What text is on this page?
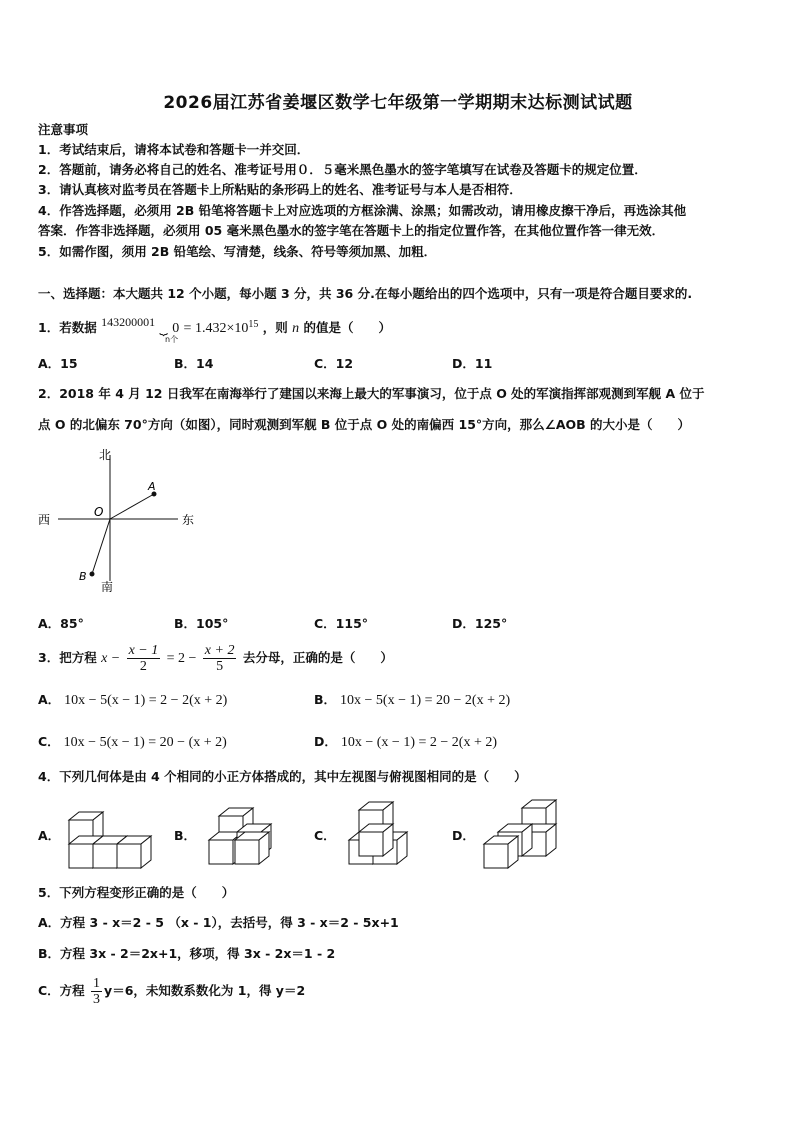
2026届江苏省姜堰区数学七年级第一学期期末达标测试试题
注意事项
1．考试结束后，请将本试卷和答题卡一并交回．
2．答题前，请务必将自己的姓名、准考证号用０．５毫米黑色墨水的签字笔填写在试卷及答题卡的规定位置．
3．请认真核对监考员在答题卡上所粘贴的条形码上的姓名、准考证号与本人是否相符．
4．作答选择题，必须用 2B 铅笔将答题卡上对应选项的方框涂满、涂黑；如需改动，请用橡皮擦干净后，再选涂其他
答案．作答非选择题，必须用 05 毫米黑色墨水的签字笔在答题卡上的指定位置作答，在其他位置作答一律无效．
5．如需作图，须用 2B 铅笔绘、写清楚，线条、符号等须加黑、加粗．
一、选择题：本大题共 12 个小题，每小题 3 分，共 36 分.在每小题给出的四个选项中，只有一项是符合题目要求的.
1．若数据 143200001 ⏟ $0 = 1.432\times 10^{15}$ ，则 n 的值是（　　）
n个
A．15	B．14	C．12	D．11
2．2018 年 4 月 12 日我军在南海举行了建国以来海上最大的军事演习，位于点 O 处的军演指挥部观测到军舰 A 位于
点 O 的北偏东 70°方向（如图），同时观测到军舰 B 位于点 O 处的南偏西 15°方向，那么∠AOB 的大小是（　　）
北
南
西	东
O
A
B
A．85°	B．105°	C．115°	D．125°
3．把方程 $x - \frac{x - 1}{2} = 2 - \frac{x + 2}{5}$ 去分母，正确的是（　　）
A． 10x − 5(x − 1) = 2 − 2(x + 2)	B． 10x − 5(x − 1) = 20 − 2(x + 2)
C． 10x − 5(x − 1) = 20 − (x + 2)	D． 10x − (x − 1) = 2 − 2(x + 2)
4．下列几何体是由 4 个相同的小正方体搭成的，其中左视图与俯视图相同的是（　　）
A．	B．	C．	D．
5．下列方程变形正确的是（　　）
A．方程 3 - x＝2 - 5 （x - 1），去括号，得 3 - x＝2 - 5x+1
B．方程 3x - 2＝2x+1，移项，得 3x - 2x＝1 - 2
C．方程 $\frac{1}{3} y=6$，未知数系数化为 1，得 y＝2
